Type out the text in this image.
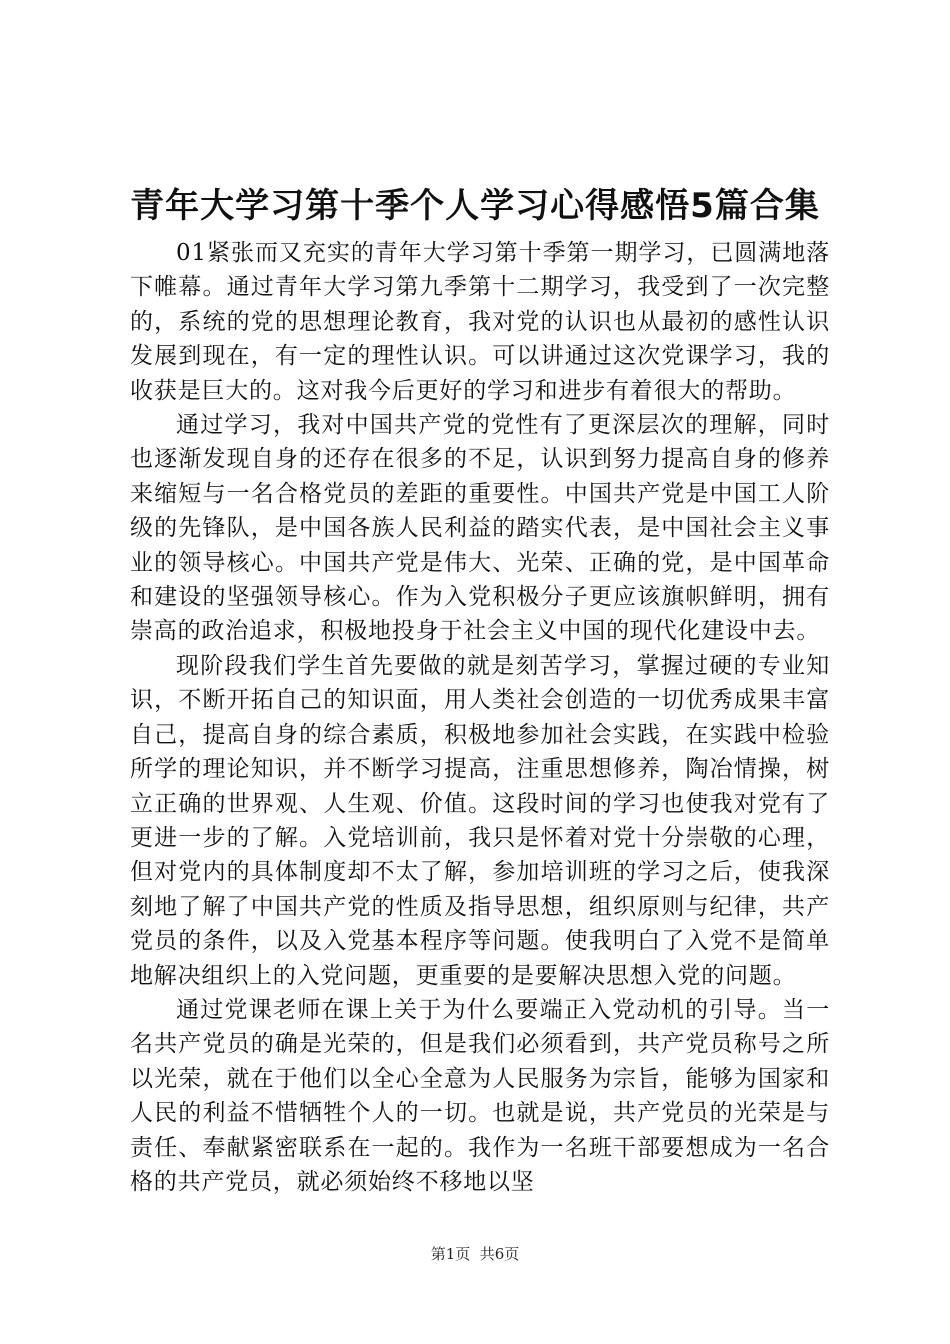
青年大学习第十季个人学习心得感悟5篇合集

01紧张而又充实的青年大学习第十季第一期学习，已圆满地落下帷幕。通过青年大学习第九季第十二期学习，我受到了一次完整的，系统的党的思想理论教育，我对党的认识也从最初的感性认识发展到现在，有一定的理性认识。可以讲通过这次党课学习，我的收获是巨大的。这对我今后更好的学习和进步有着很大的帮助。

通过学习，我对中国共产党的党性有了更深层次的理解，同时也逐渐发现自身的还存在很多的不足，认识到努力提高自身的修养来缩短与一名合格党员的差距的重要性。中国共产党是中国工人阶级的先锋队，是中国各族人民利益的踏实代表，是中国社会主义事业的领导核心。中国共产党是伟大、光荣、正确的党，是中国革命和建设的坚强领导核心。作为入党积极分子更应该旗帜鲜明，拥有崇高的政治追求，积极地投身于社会主义中国的现代化建设中去。

现阶段我们学生首先要做的就是刻苦学习，掌握过硬的专业知识，不断开拓自己的知识面，用人类社会创造的一切优秀成果丰富自己，提高自身的综合素质，积极地参加社会实践，在实践中检验所学的理论知识，并不断学习提高，注重思想修养，陶冶情操，树立正确的世界观、人生观、价值。这段时间的学习也使我对党有了更进一步的了解。入党培训前，我只是怀着对党十分崇敬的心理，但对党内的具体制度却不太了解，参加培训班的学习之后，使我深刻地了解了中国共产党的性质及指导思想，组织原则与纪律，共产党员的条件，以及入党基本程序等问题。使我明白了入党不是简单地解决组织上的入党问题，更重要的是要解决思想入党的问题。

通过党课老师在课上关于为什么要端正入党动机的引导。当一名共产党员的确是光荣的，但是我们必须看到，共产党员称号之所以光荣，就在于他们以全心全意为人民服务为宗旨，能够为国家和人民的利益不惜牺牲个人的一切。也就是说，共产党员的光荣是与责任、奉献紧密联系在一起的。我作为一名班干部要想成为一名合格的共产党员，就必须始终不移地以坚

第1页  共6页
